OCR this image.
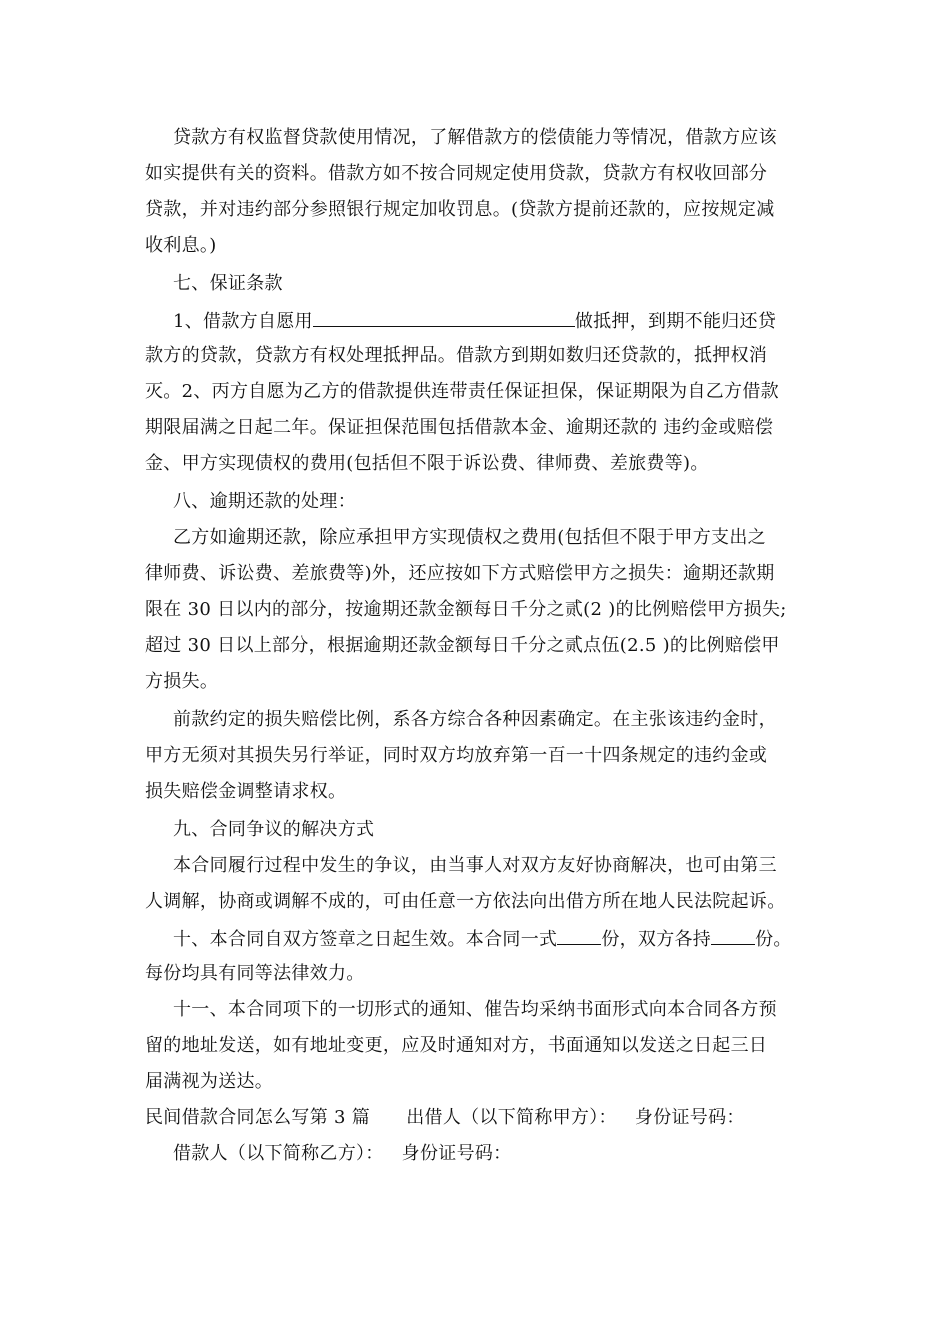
贷款方有权监督贷款使用情况，了解借款方的偿债能力等情况，借款方应该
如实提供有关的资料。借款方如不按合同规定使用贷款，贷款方有权收回部分
贷款，并对违约部分参照银行规定加收罚息。(贷款方提前还款的，应按规定减
收利息。)
七、保证条款
1、借款方自愿用	做抵押，到期不能归还贷
款方的贷款，贷款方有权处理抵押品。借款方到期如数归还贷款的，抵押权消
灭。2、丙方自愿为乙方的借款提供连带责任保证担保，保证期限为自乙方借款
期限届满之日起二年。保证担保范围包括借款本金、逾期还款的 违约金或赔偿
金、甲方实现债权的费用(包括但不限于诉讼费、律师费、差旅费等)。
八、逾期还款的处理：
乙方如逾期还款，除应承担甲方实现债权之费用(包括但不限于甲方支出之
律师费、诉讼费、差旅费等)外，还应按如下方式赔偿甲方之损失：逾期还款期
限在 30 日以内的部分，按逾期还款金额每日千分之贰(2 )的比例赔偿甲方损失;
超过 30 日以上部分，根据逾期还款金额每日千分之贰点伍(2.5 )的比例赔偿甲
方损失。
前款约定的损失赔偿比例，系各方综合各种因素确定。在主张该违约金时，
甲方无须对其损失另行举证，同时双方均放弃第一百一十四条规定的违约金或
损失赔偿金调整请求权。
九、合同争议的解决方式
本合同履行过程中发生的争议，由当事人对双方友好协商解决，也可由第三
人调解，协商或调解不成的，可由任意一方依法向出借方所在地人民法院起诉。
十、本合同自双方签章之日起生效。本合同一式 份，双方各持 份。
每份均具有同等法律效力。
十一、本合同项下的一切形式的通知、催告均采纳书面形式向本合同各方预
留的地址发送，如有地址变更，应及时通知对方，书面通知以发送之日起三日
届满视为送达。
民间借款合同怎么写第 3 篇      出借人（以下简称甲方）：   身份证号码：
借款人（以下简称乙方）：   身份证号码：
